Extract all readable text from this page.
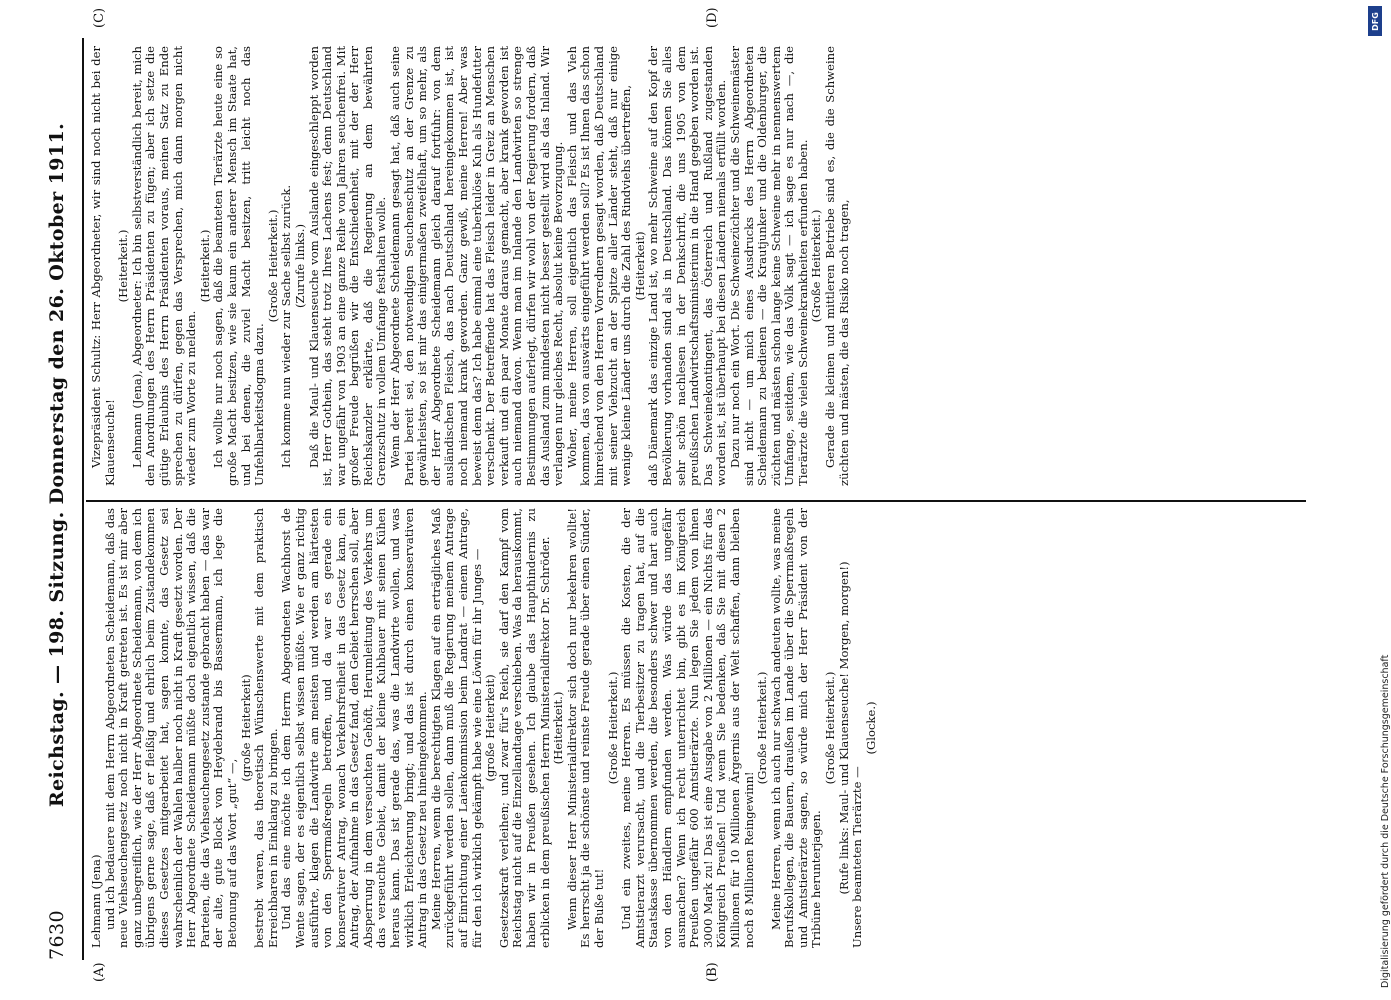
7630
Reichstag. — 198. Sitzung. Donnerstag den 26. Oktober 1911.
(A)	(B)
(C)	(D)

Lehmann (Jena) und ich bedauere mit dem Herrn Abgeordneten Scheidemann, daß das neue Viehseuchengesetz noch nicht in Kraft getreten ist. Es ist mir aber ganz unbegreiflich, wie der Herr Abgeordnete Scheidemann, von dem ich übrigens gerne sage, daß er fleißig und ehrlich beim Zustandekommen dieses Gesetzes mitgearbeitet hat, sagen konnte, das Gesetz sei wahrscheinlich der Wahlen halber noch nicht in Kraft gesetzt worden. Der Herr Abgeordnete Scheidemann müßte doch eigentlich wissen, daß die Parteien, die das Viehseuchengesetz zustande gebracht haben — das war der alte, gute Block von Heydebrand bis Bassermann, ich lege die Betonung auf das Wort „gut“ —,

(große Heiterkeit) bestrebt waren, das theoretisch Wünschenswerte mit dem praktisch Erreichbaren in Einklang zu bringen. Und das eine möchte ich dem Herrn Abgeordneten Wachhorst de Wente sagen, der es eigentlich selbst wissen müßte. Wie er ganz richtig ausführte, klagen die Landwirte am meisten und werden am härtesten von den Sperrmaßregeln betroffen, und da war es gerade ein konservativer Antrag, wonach Verkehrsfreiheit in das Gesetz kam, ein Antrag, der Aufnahme in das Gesetz fand, den Gebiet herrschen soll, aber Absperrung in dem verseuchten Gehöft, Herumleitung des Verkehrs um das verseuchte Gebiet, damit der kleine Kuhbauer mit seinen Kühen heraus kann. Das ist gerade das, was die Landwirte wollen, und was wirklich Erleichterung bringt; und das ist durch einen konservativen Antrag in das Gesetz neu hineingekommen. Meine Herren, wenn die berechtigten Klagen auf ein erträgliches Maß zurückgeführt werden sollen, dann muß die Regierung meinem Antrage auf Einrichtung einer Laienkommission beim Landrat — einem Antrage, für den ich wirklich gekämpft habe wie eine Löwin für ihr Junges — (große Heiterkeit) Gesetzeskraft verleihen; und zwar für's Reich, sie darf den Kampf vom Reichstag nicht auf die Einzellandtage verschieben. Was da herauskommt, haben wir in Preußen gesehen. Ich glaube das Haupthindernis zu erblicken in dem preußischen Herrn Ministerialdirektor Dr. Schröder. (Heiterkeit.) Wenn dieser Herr Ministerialdirektor sich doch nur bekehren wollte! Es herrscht ja die schönste und reinste Freude gerade über einen Sünder, der Buße tut!

(Große Heiterkeit.) Und ein zweites, meine Herren. Es müssen die Kosten, die der Amtstierarzt verursacht, und die Tierbesitzer zu tragen hat, auf die Staatskasse übernommen werden, die besonders schwer und hart auch von den Händlern empfunden werden. Was würde das ungefähr ausmachen? Wenn ich recht unterrichtet bin, gibt es im Königreich Preußen ungefähr 600 Amtstierärzte. Nun legen Sie jedem von ihnen 3000 Mark zu! Das ist eine Ausgabe von 2 Millionen — ein Nichts für das Königreich Preußen! Und wenn Sie bedenken, daß Sie mit diesen 2 Millionen für 10 Millionen Ärgernis aus der Welt schaffen, dann bleiben noch 8 Millionen Reingewinn!

(Große Heiterkeit.) Meine Herren, wenn ich auch nur schwach andeuten wollte, was meine Berufskollegen, die Bauern, draußen im Lande über die Sperrmaßregeln und Amtstierärzte sagen, so würde mich der Herr Präsident von der Tribüne herunterjagen.

(Große Heiterkeit.) (Rufe links: Maul- und Klauenseuche! Morgen, morgen!) Unsere beamteten Tierärzte —

(Glocke.)

Vizepräsident Schultz: Herr Abgeordneter, wir sind noch nicht bei der Klauenseuche!

(Heiterkeit.) Lehmann (Jena), Abgeordneter: Ich bin selbstverständlich bereit, mich den Anordnungen des Herrn Präsidenten zu fügen; aber ich setze die gütige Erlaubnis des Herrn Präsidenten voraus, meinen Satz zu Ende sprechen zu dürfen, gegen das Versprechen, mich dann morgen nicht wieder zum Worte zu melden.

(Heiterkeit.) Ich wollte nur noch sagen, daß die beamteten Tierärzte heute eine so große Macht besitzen, wie sie kaum ein anderer Mensch im Staate hat, und bei denen, die zuviel Macht besitzen, tritt leicht noch das Unfehlbarkeitsdogma dazu.

(Große Heiterkeit.) Ich komme nun wieder zur Sache selbst zurück. (Zurufe links.) Daß die Maul- und Klauenseuche vom Auslande eingeschleppt worden ist, Herr Gothein, das steht trotz Ihres Lachens fest; denn Deutschland war ungefähr von 1903 an eine ganze Reihe von Jahren seuchenfrei. Mit großer Freude begrüßen wir die Entschiedenheit, mit der der Herr Reichskanzler erklärte, daß die Regierung an dem bewährten Grenzschutz in vollem Umfange festhalten wolle. Wenn der Herr Abgeordnete Scheidemann gesagt hat, daß auch seine Partei bereit sei, den notwendigen Seuchenschutz an der Grenze zu gewährleisten, so ist mir das einigermaßen zweifelhaft, um so mehr, als der Herr Abgeordnete Scheidemann gleich darauf fortfuhr: von dem ausländischen Fleisch, das nach Deutschland hereingekommen ist, ist noch niemand krank geworden. Ganz gewiß, meine Herren! Aber was beweist denn das? Ich habe einmal eine tuberkulöse Kuh als Hundefutter verschenkt. Der Betreffende hat das Fleisch leider in Greiz an Menschen verkauft und ein paar Monate daraus gemacht, aber krank geworden ist auch niemand davon. Wenn man im Inlande den Landwirten so strenge Bestimmungen auferlegt, dürfen wir wohl von der Regierung fordern, daß das Ausland zum mindesten nicht besser gestellt wird als das Inland. Wir verlangen nur gleiches Recht, absolut keine Bevorzugung. Woher, meine Herren, soll eigentlich das Fleisch und das Vieh kommen, das von auswärts eingeführt werden soll? Es ist Ihnen das schon hinreichend von den Herren Vorrednern gesagt worden, daß Deutschland mit seiner Viehzucht an der Spitze aller Länder steht, daß nur einige wenige kleine Länder uns durch die Zahl des Rindviehs übertreffen, (Heiterkeit) daß Dänemark das einzige Land ist, wo mehr Schweine auf den Kopf der Bevölkerung vorhanden sind als in Deutschland. Das können Sie alles sehr schön nachlesen in der Denkschrift, die uns 1905 von dem preußischen Landwirtschaftsministerium in die Hand gegeben worden ist. Das Schweinekontingent, das Österreich und Rußland zugestanden worden ist, ist überhaupt bei diesen Ländern niemals erfüllt worden. Dazu nur noch ein Wort. Die Schweinezüchter und die Schweinemäster sind nicht — um mich eines Ausdrucks des Herrn Abgeordneten Scheidemann zu bedienen — die Krautjunker und die Oldenburger, die züchten und mästen schon lange keine Schweine mehr in nennenswertem Umfange, seitdem, wie das Volk sagt — ich sage es nur nach —, die Tierärzte die vielen Schweinekrankheiten erfunden haben. (Große Heiterkeit.) Gerade die kleinen und mittleren Betriebe sind es, die die Schweine züchten und mästen, die das Risiko noch tragen,

DFG
Digitalisierung gefördert durch die Deutsche Forschungsgemeinschaft
